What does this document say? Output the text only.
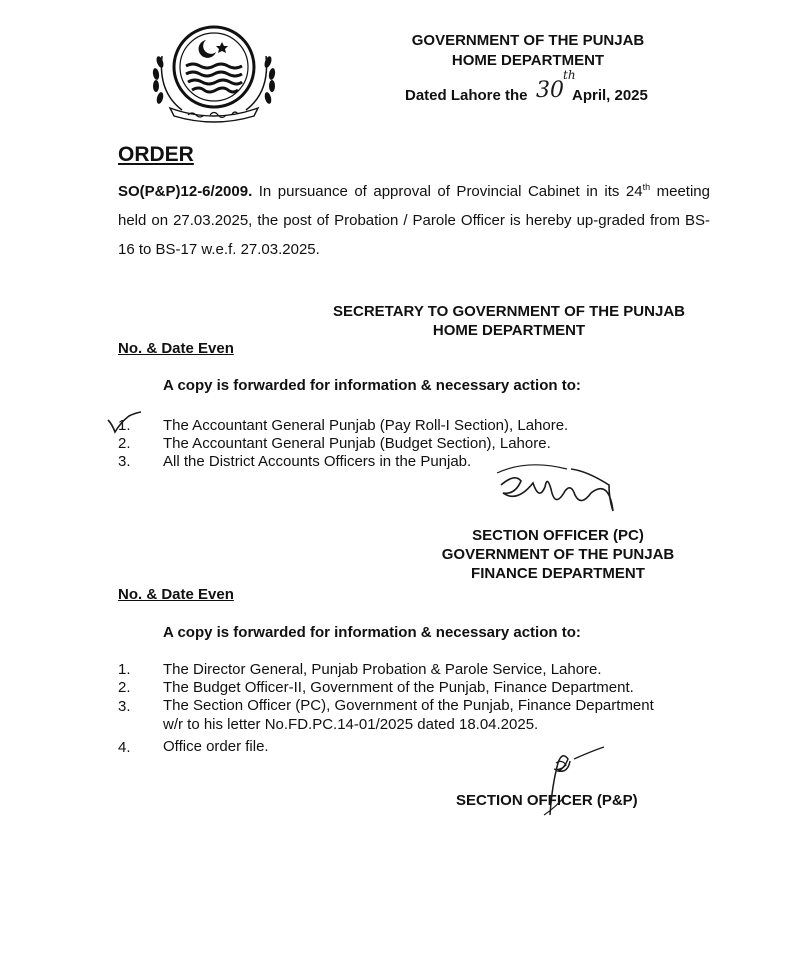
GOVERNMENT OF THE PUNJAB
HOME DEPARTMENT
Dated Lahore the 30
th
April, 2025
ORDER
SO(P&P)12-6/2009. In pursuance of approval of Provincial Cabinet in its 24th meeting held on 27.03.2025, the post of Probation / Parole Officer is hereby up-graded from BS-16 to BS-17 w.e.f. 27.03.2025.
SECRETARY TO GOVERNMENT OF THE PUNJAB
HOME DEPARTMENT
No. & Date Even
A copy is forwarded for information & necessary action to:
1. The Accountant General Punjab (Pay Roll-I Section), Lahore.
2. The Accountant General Punjab (Budget Section), Lahore.
3. All the District Accounts Officers in the Punjab.
SECTION OFFICER (PC)
GOVERNMENT OF THE PUNJAB
FINANCE DEPARTMENT
No. & Date Even
A copy is forwarded for information & necessary action to:
1. The Director General, Punjab Probation & Parole Service, Lahore.
2. The Budget Officer-II, Government of the Punjab, Finance Department.
3. The Section Officer (PC), Government of the Punjab, Finance Department
w/r to his letter No.FD.PC.14-01/2025 dated 18.04.2025.
4. Office order file.
SECTION OFFICER (P&P)
